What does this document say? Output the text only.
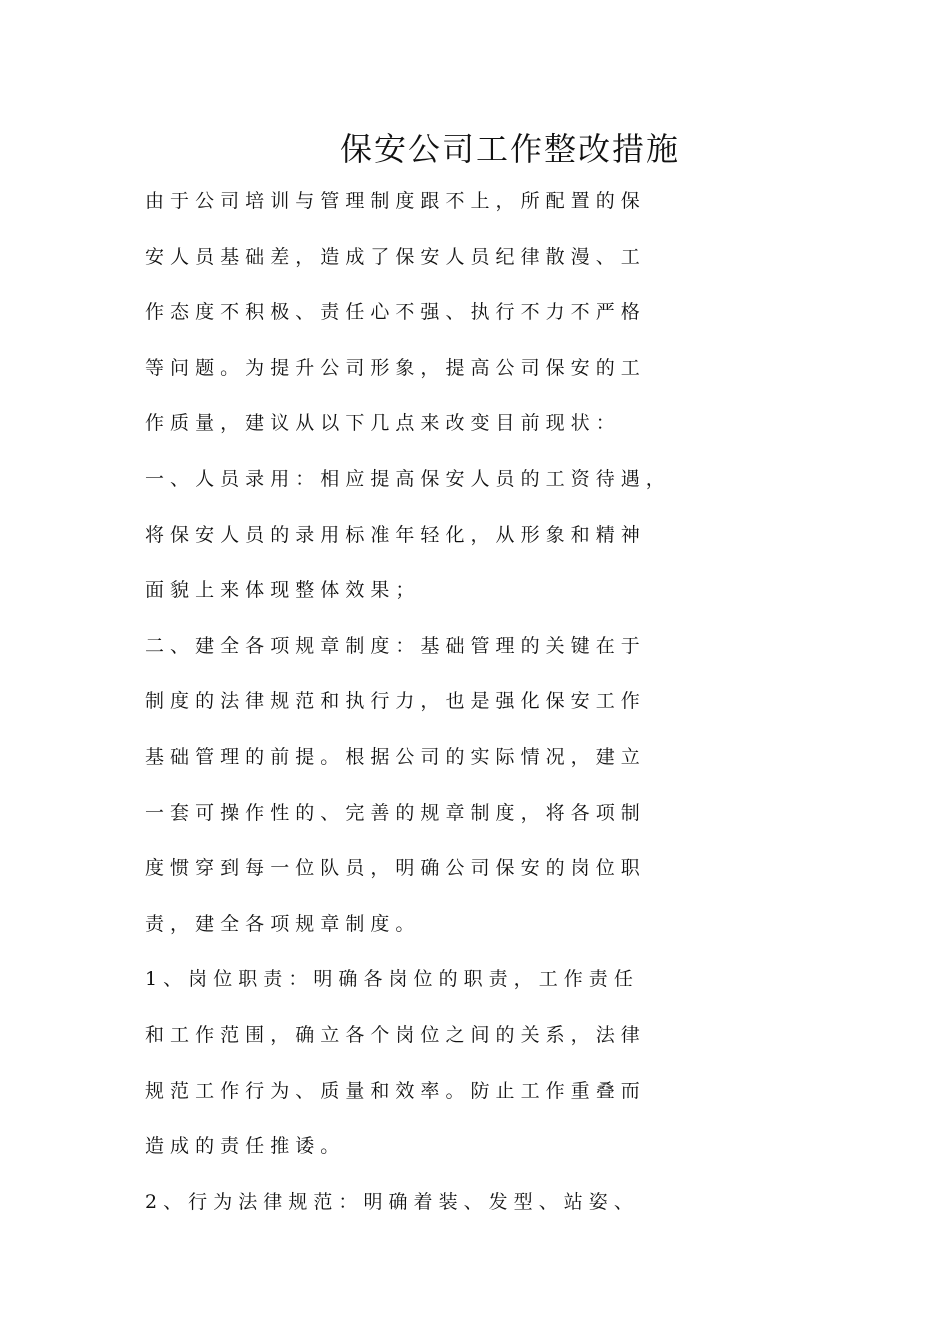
保安公司工作整改措施

由 于 公 司 培 训 与 管 理 制 度 跟 不 上 ， 所 配 置 的 保

安 人 员 基 础 差 ， 造 成 了 保 安 人 员 纪 律 散 漫 、 工

作 态 度 不 积 极 、 责 任 心 不 强 、 执 行 不 力 不 严 格

等 问 题 。 为 提 升 公 司 形 象 ， 提 高 公 司 保 安 的 工

作 质 量 ， 建 议 从 以 下 几 点 来 改 变 目 前 现 状 ：

一 、 人 员 录 用 ： 相 应 提 高 保 安 人 员 的 工 资 待 遇 ，

将 保 安 人 员 的 录 用 标 准 年 轻 化 ， 从 形 象 和 精 神

面 貌 上 来 体 现 整 体 效 果 ；

二 、 建 全 各 项 规 章 制 度 ： 基 础 管 理 的 关 键 在 于

制 度 的 法 律 规 范 和 执 行 力 ， 也 是 强 化 保 安 工 作

基 础 管 理 的 前 提 。 根 据 公 司 的 实 际 情 况 ， 建 立

一 套 可 操 作 性 的 、 完 善 的 规 章 制 度 ， 将 各 项 制

度 惯 穿 到 每 一 位 队 员 ， 明 确 公 司 保 安 的 岗 位 职

责 ， 建 全 各 项 规 章 制 度 。

1 、 岗 位 职 责 ： 明 确 各 岗 位 的 职 责 ， 工 作 责 任

和 工 作 范 围 ， 确 立 各 个 岗 位 之 间 的 关 系 ， 法 律

规 范 工 作 行 为 、 质 量 和 效 率 。 防 止 工 作 重 叠 而

造 成 的 责 任 推 诿 。

2 、 行 为 法 律 规 范 ： 明 确 着 装 、 发 型 、 站 姿 、
